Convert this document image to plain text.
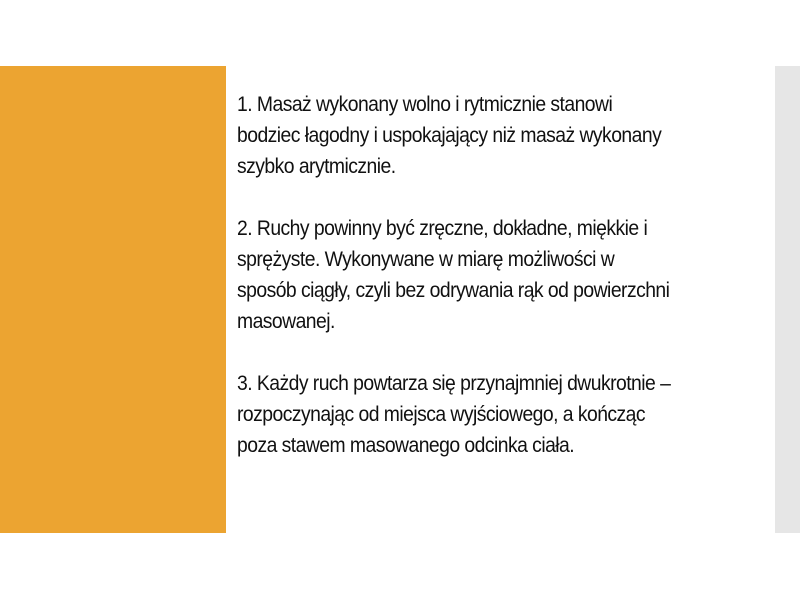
1. Masaż wykonany wolno i rytmicznie stanowi
bodziec łagodny i uspokajający niż masaż wykonany
szybko arytmicznie.
2. Ruchy powinny być zręczne, dokładne, miękkie i
sprężyste. Wykonywane w miarę możliwości w
sposób ciągły, czyli bez odrywania rąk od powierzchni
masowanej.
3. Każdy ruch powtarza się przynajmniej dwukrotnie –
rozpoczynając od miejsca wyjściowego, a kończąc
poza stawem masowanego odcinka ciała.
